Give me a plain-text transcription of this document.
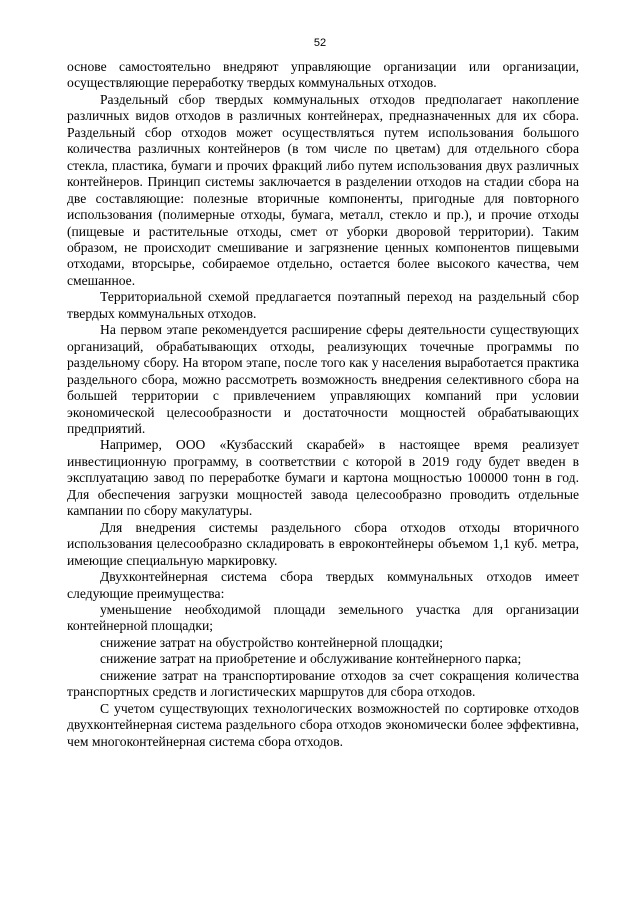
52

основе самостоятельно внедряют управляющие организации или организации, осуществляющие переработку твердых коммунальных отходов.

Раздельный сбор твердых коммунальных отходов предполагает накопление различных видов отходов в различных контейнерах, предназначенных для их сбора. Раздельный сбор отходов может осуществляться путем использования большого количества различных контейнеров (в том числе по цветам) для отдельного сбора стекла, пластика, бумаги и прочих фракций либо путем использования двух различных контейнеров. Принцип системы заключается в разделении отходов на стадии сбора на две составляющие: полезные вторичные компоненты, пригодные для повторного использования (полимерные отходы, бумага, металл, стекло и пр.), и прочие отходы (пищевые и растительные отходы, смет от уборки дворовой территории). Таким образом, не происходит смешивание и загрязнение ценных компонентов пищевыми отходами, вторсырье, собираемое отдельно, остается более высокого качества, чем смешанное.

Территориальной схемой предлагается поэтапный переход на раздельный сбор твердых коммунальных отходов.

На первом этапе рекомендуется расширение сферы деятельности существующих организаций, обрабатывающих отходы, реализующих точечные программы по раздельному сбору. На втором этапе, после того как у населения выработается практика раздельного сбора, можно рассмотреть возможность внедрения селективного сбора на большей территории с привлечением управляющих компаний при условии экономической целесообразности и достаточности мощностей обрабатывающих предприятий.

Например, ООО «Кузбасский скарабей» в настоящее время реализует инвестиционную программу, в соответствии с которой в 2019 году будет введен в эксплуатацию завод по переработке бумаги и картона мощностью 100000 тонн в год. Для обеспечения загрузки мощностей завода целесообразно проводить отдельные кампании по сбору макулатуры.

Для внедрения системы раздельного сбора отходов отходы вторичного использования целесообразно складировать в евроконтейнеры объемом 1,1 куб. метра, имеющие специальную маркировку.

Двухконтейнерная система сбора твердых коммунальных отходов имеет следующие преимущества:

уменьшение необходимой площади земельного участка для организации контейнерной площадки;

снижение затрат на обустройство контейнерной площадки;

снижение затрат на приобретение и обслуживание контейнерного парка;

снижение затрат на транспортирование отходов за счет сокращения количества транспортных средств и логистических маршрутов для сбора отходов.

С учетом существующих технологических возможностей по сортировке отходов двухконтейнерная система раздельного сбора отходов экономически более эффективна, чем многоконтейнерная система сбора отходов.
